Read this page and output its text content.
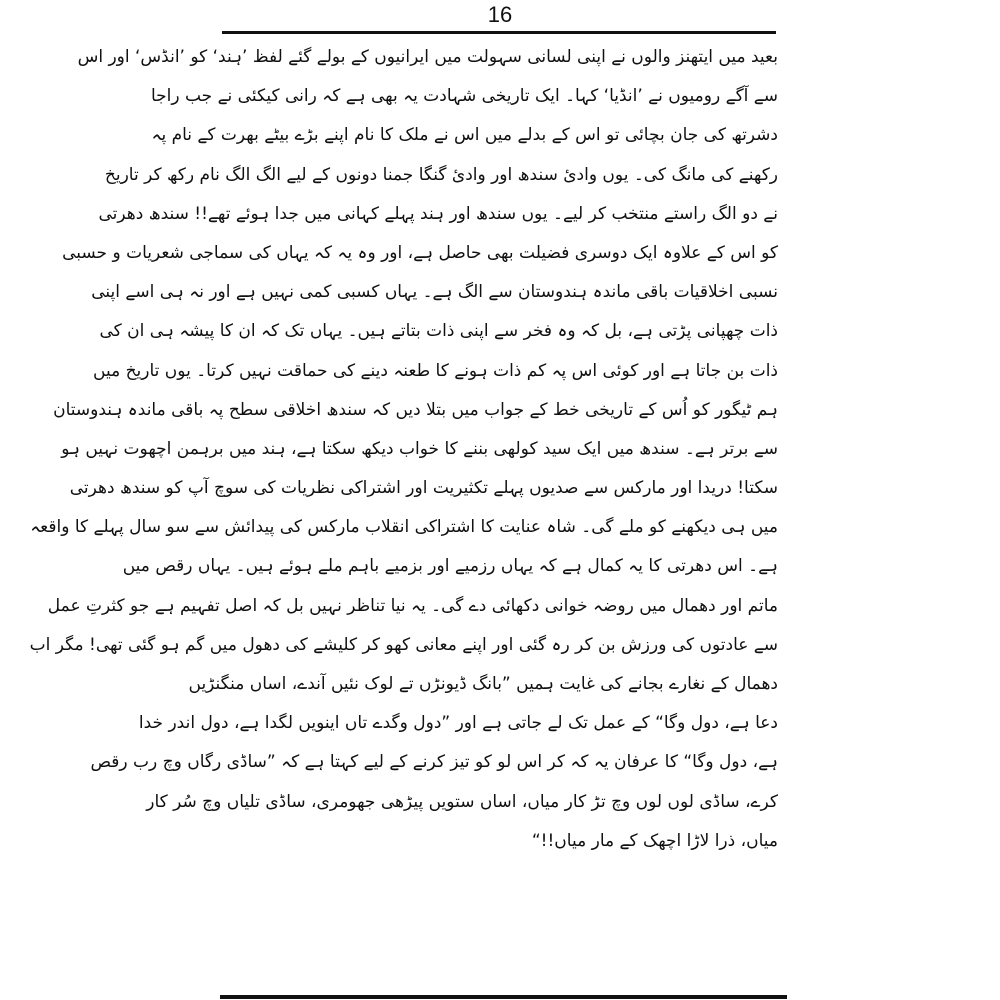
16
بعید میں ایتھنز والوں نے اپنی لسانی سہولت میں ایرانیوں کے بولے گئے لفظ ’ہند‘ کو ’انڈس‘ اور اس
سے آگے رومیوں نے ’انڈیا‘ کہا۔ ایک تاریخی شہادت یہ بھی ہے کہ رانی کیکئی نے جب راجا
دشرتھ کی جان بچائی تو اس کے بدلے میں اس نے ملک کا نام اپنے بڑے بیٹے بھرت کے نام پہ
رکھنے کی مانگ کی۔ یوں وادیٔ سندھ اور وادیٔ گنگا جمنا دونوں کے لیے الگ الگ نام رکھ کر تاریخ
نے دو الگ راستے منتخب کر لیے۔ یوں سندھ اور ہند پہلے کہانی میں جدا ہوئے تھے!! سندھ دھرتی
کو اس کے علاوہ ایک دوسری فضیلت بھی حاصل ہے، اور وہ یہ کہ یہاں کی سماجی شعریات و حسبی
نسبی اخلاقیات باقی ماندہ ہندوستان سے الگ ہے۔ یہاں کسبی کمی نہیں ہے اور نہ ہی اسے اپنی
ذات چھپانی پڑتی ہے، بل کہ وہ فخر سے اپنی ذات بتاتے ہیں۔ یہاں تک کہ ان کا پیشہ ہی ان کی
ذات بن جاتا ہے اور کوئی اس پہ کم ذات ہونے کا طعنہ دینے کی حماقت نہیں کرتا۔ یوں تاریخ میں
ہم ٹیگور کو اُس کے تاریخی خط کے جواب میں بتلا دیں کہ سندھ اخلاقی سطح پہ باقی ماندہ ہندوستان
سے برتر ہے۔ سندھ میں ایک سید کولھی بننے کا خواب دیکھ سکتا ہے، ہند میں برہمن اچھوت نہیں ہو
سکتا! دریدا اور مارکس سے صدیوں پہلے تکثیریت اور اشتراکی نظریات کی سوچ آپ کو سندھ دھرتی
میں ہی دیکھنے کو ملے گی۔ شاہ عنایت کا اشتراکی انقلاب مارکس کی پیدائش سے سو سال پہلے کا واقعہ
ہے۔ اس دھرتی کا یہ کمال ہے کہ یہاں رزمیے اور بزمیے باہم ملے ہوئے ہیں۔ یہاں رقص میں
ماتم اور دھمال میں روضہ خوانی دکھائی دے گی۔ یہ نیا تناظر نہیں بل کہ اصل تفہیم ہے جو کثرتِ عمل
سے عادتوں کی ورزش بن کر رہ گئی اور اپنے معانی کھو کر کلیشے کی دھول میں گم ہو گئی تھی! مگر اب
دھمال کے نغارے بجانے کی غایت ہمیں ”بانگ ڈیونڑں تے لوک نئیں آندے، اساں منگنڑیں
دعا ہے، دول وگا“ کے عمل تک لے جاتی ہے اور ”دول وگدے تاں اینویں لگدا ہے، دول اندر خدا
ہے، دول وگا“ کا عرفان یہ کہ کر اس لو کو تیز کرنے کے لیے کہتا ہے کہ ”ساڈی رگاں وچ رب رقص
کرے، ساڈی لوں لوں وچ تڑ کار میاں، اساں ستویں پیڑھی جھومری، ساڈی تلیاں وچ سُر کار
میاں، ذرا لاڑا اچھک کے مار میاں!!“
